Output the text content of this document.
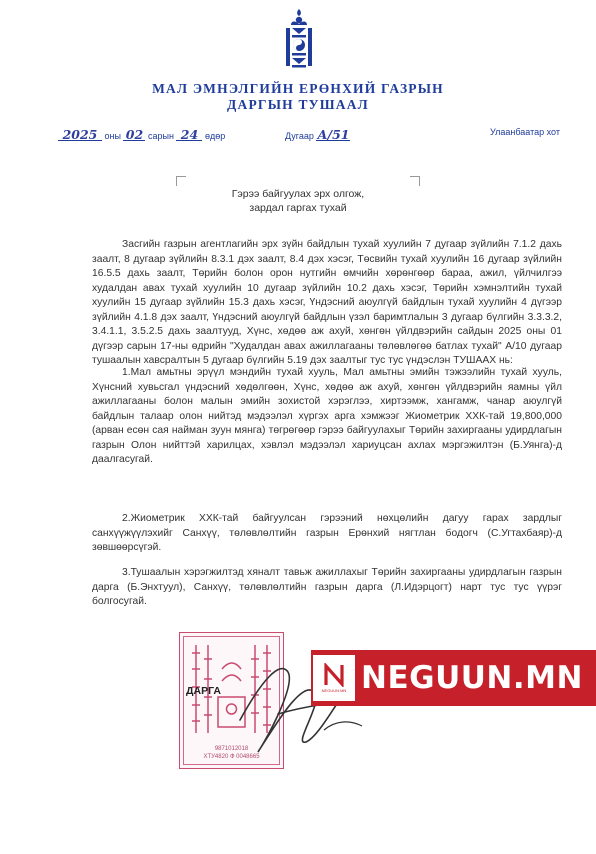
МАЛ ЭМНЭЛГИЙН ЕРӨНХИЙ ГАЗРЫН
ДАРГЫН ТУШААЛ
2025 оны 02 сарын 24 өдөр	Дугаар А/51	Улаанбаатар хот
Гэрээ байгуулах эрх олгож,
зардал гаргах тухай

Засгийн газрын агентлагийн эрх зүйн байдлын тухай хуулийн 7 дугаар зүйлийн 7.1.2 дахь заалт, 8 дугаар зүйлийн 8.3.1 дэх заалт, 8.4 дэх хэсэг, Төсвийн тухай хуулийн 16 дугаар зүйлийн 16.5.5 дахь заалт, Төрийн болон орон нутгийн өмчийн хөрөнгөөр бараа, ажил, үйлчилгээ худалдан авах тухай хуулийн 10 дугаар зүйлийн 10.2 дахь хэсэг, Төрийн хэмнэлтийн тухай хуулийн 15 дугаар зүйлийн 15.3 дахь хэсэг, Үндэсний аюулгүй байдлын тухай хуулийн 4 дүгээр зүйлийн 4.1.8 дэх заалт, Үндэсний аюулгүй байдлын үзэл баримтлалын 3 дугаар бүлгийн 3.3.3.2, 3.4.1.1, 3.5.2.5 дахь заалтууд, Хүнс, хөдөө аж ахуй, хөнгөн үйлдвэрийн сайдын 2025 оны 01 дүгээр сарын 17-ны өдрийн "Худалдан авах ажиллагааны төлөвлөгөө батлах тухай" А/10 дугаар тушаалын хавсралтын 5 дугаар бүлгийн 5.19 дэх заалтыг тус тус үндэслэн ТУШААХ нь:

1.Мал амьтны эрүүл мэндийн тухай хууль, Мал амьтны эмийн тэжээлийн тухай хууль, Хүнсний хувьсгал үндэсний хөдөлгөөн, Хүнс, хөдөө аж ахуй, хөнгөн үйлдвэрийн яамны үйл ажиллагааны болон малын эмийн зохистой хэрэглээ, хиртээмж, хангамж, чанар аюулгүй байдлын талаар олон нийтэд мэдээлэл хүргэх арга хэмжээг Жиометрик ХХК-тай 19,800,000 (арван есөн сая найман зуун мянга) төгрөгөөр гэрээ байгуулахыг Төрийн захиргааны удирдлагын газрын Олон нийттэй харилцах, хэвлэл мэдээлэл хариуцсан ахлах мэргэжилтэн (Б.Уянга)-д даалгасугай.

2.Жиометрик ХХК-тай байгуулсан гэрээний нөхцөлийн дагуу гарах зардлыг санхүүжүүлэхийг Санхүү, төлөвлөлтийн газрын Ерөнхий нягтлан бодогч (С.Угтахбаяр)-д зөвшөөрсүгэй.

3.Тушаалын хэрэгжилтэд хяналт тавьж ажиллахыг Төрийн захиргааны удирдлагын газрын дарга (Б.Энхтуул), Санхүү, төлөвлөлтийн газрын дарга (Л.Идэрцогт) нарт тус тус үүрэг болгосугай.

9871012018
ХТУ4820 Ф 0048665
ДАРГА	NEGUUN.MN NEGUUN.MN
